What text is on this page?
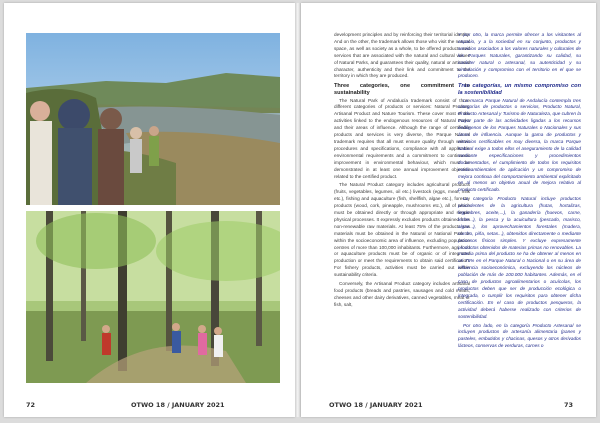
72	OTWO 18 / JANUARY 2021

development principles and by reinforcing their territorial identity. And on the other, the trademark allows those who visit the natural space, as well as society as a whole, to be offered products and services that are associated with the natural and cultural values of Natural Parks, and guarantees their quality, natural or artisanal character, authenticity and their link and commitment to the territory in which they are produced.

Three categories, one commitment to sustainability

The Natural Park of Andalucía trademark consist of three different categories of products or services: Natural Product, Artisanal Product and Nature Tourism. These cover most of the activities linked to the endogenous resources of Natural Parks and their areas of influence. Although the range of certifiable products and services is very diverse, the Parque Natural trademark requires that all must ensure quality through written procedures and specifications, compliance with all applicable environmental requirements and a commitment to continuous improvement in environmental behaviour, which must be demonstrated in at least one annual improvement objective related to the certified product.

The Natural Product category includes agricultural products (fruits, vegetables, legumes, oil etc.) livestock (eggs, meat, milk etc.), fishing and aquaculture (fish, shellfish, algae etc.), forestry products (wood, cork, pineapple, mushrooms etc.), all of which must be obtained directly or through appropriate and simple physical processes. It expressly excludes products obtained from non-renewable raw materials. At least 75% of the products raw materials must be obtained in the Natural or National Park or within the socioeconomic area of influence, excluding population centres of more than 100,000 inhabitants. Furthermore, agri-food or aquaculture products must be of organic or of integrated production or meet the requirements to obtain said certification. For fishery products, activities must be carried out within sustainability criteria.

Conversely, the Artisanal Product category includes artisanal food products (breads and pastries, sausages and cold meats, cheeses and other dairy derivatives, canned vegetables, meat or fish, salt,

Y por otro, la marca permite ofrecer a los visitantes al espacio, y a la sociedad en su conjunto, productos y servicios asociados a los valores naturales y culturales de los Parques Naturales, garantizando su calidad, su carácter natural o artesanal, su autenticidad y su vinculación y compromiso con el territorio en el que se producen.

Tres categorías, un mismo compromiso con la sostenibilidad

La marca Parque Natural de Andalucía contempla tres categorías de productos o servicios, Producto Natural, Producto Artesanal y Turismo de Naturaleza, que cubren la mayor parte de las actividades ligadas a los recursos endógenos de los Parques Naturales o Nacionales y sus áreas de influencia. Aunque la gama de productos y servicios certificables es muy diversa, la marca Parque Natural exige a todos ellos el aseguramiento de la calidad mediante especificaciones y procedimientos documentados, el cumplimiento de todos los requisitos medioambientales de aplicación y un compromiso de mejora continua del comportamiento ambiental explicitado en al menos un objetivo anual de mejora relativo al producto certificado.

La categoría Producto Natural incluye productos procedentes de la agricultura (frutas, hortalizas, legumbres, aceite,...), la ganadería (huevos, carne, leche...), la pesca y la acuicultura (pescado, marisco, algas...), los aprovechamientos forestales (madera, corcho, piña, setas...), obtenidos directamente o mediante procesos físicos simples. Y excluye expresamente productos obtenidos de materias primas no renovables. La materia prima del producto se ha de obtener al menos en un 75% en el Parque Natural o Nacional o en su área de influencia socioeconómica, excluyendo los núcleos de población de más de 100.000 habitantes. Además, en el caso de productos agroalimentarios o acuícolas, los productos deben que ser de producción ecológica o integrada, o cumplir los requisitos para obtener dicha certificación. En el caso de productos pesqueros, la actividad deberá haberse realizado con criterios de sostenibilidad.

Por otro lado, en la categoría Producto Artesanal se incluyen productos de artesanía alimentaria (panes y pasteles, embutidos y chacinas, quesos y otros derivados lácteos, conservas de verduras, carnes o

OTWO 18 / JANUARY 2021	73
